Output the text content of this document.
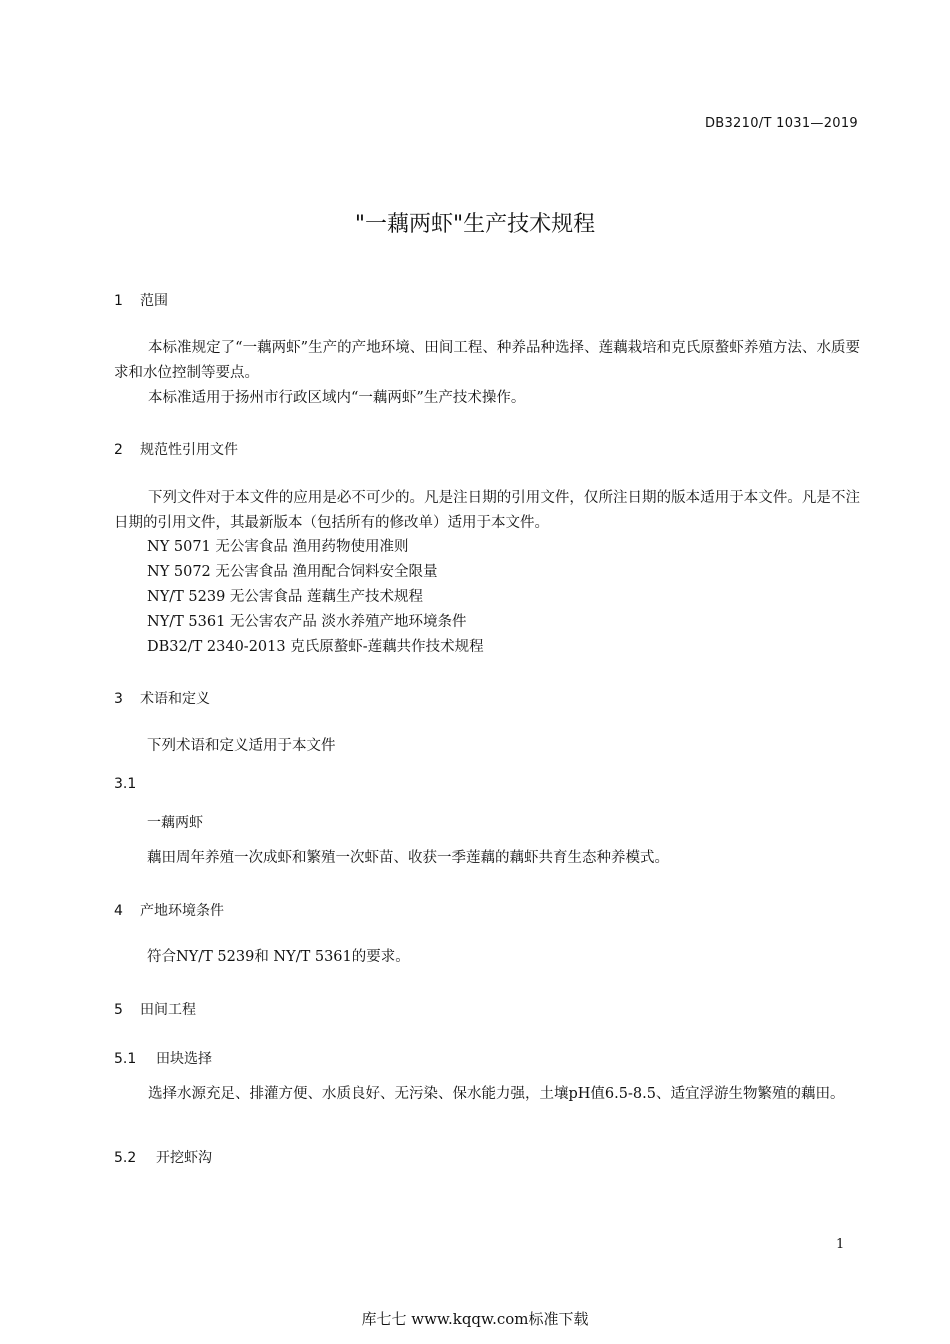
DB3210/T 1031—2019
"一藕两虾"生产技术规程
1 范围
本标准规定了“一藕两虾”生产的产地环境、田间工程、种养品种选择、莲藕栽培和克氏原螯虾养殖方法、水质要求和水位控制等要点。
本标准适用于扬州市行政区域内“一藕两虾”生产技术操作。
2 规范性引用文件
下列文件对于本文件的应用是必不可少的。凡是注日期的引用文件，仅所注日期的版本适用于本文件。凡是不注日期的引用文件，其最新版本（包括所有的修改单）适用于本文件。
NY 5071 无公害食品 渔用药物使用准则
NY 5072 无公害食品 渔用配合饲料安全限量
NY/T 5239 无公害食品 莲藕生产技术规程
NY/T 5361 无公害农产品 淡水养殖产地环境条件
DB32/T 2340-2013 克氏原螯虾-莲藕共作技术规程
3 术语和定义
下列术语和定义适用于本文件
3.1
一藕两虾
藕田周年养殖一次成虾和繁殖一次虾苗、收获一季莲藕的藕虾共育生态种养模式。
4 产地环境条件
符合NY/T 5239和 NY/T 5361的要求。
5 田间工程
5.1 田块选择
选择水源充足、排灌方便、水质良好、无污染、保水能力强，土壤pH值6.5-8.5、适宜浮游生物繁殖的藕田。
5.2 开挖虾沟
1
库七七 www.kqqw.com标准下载
